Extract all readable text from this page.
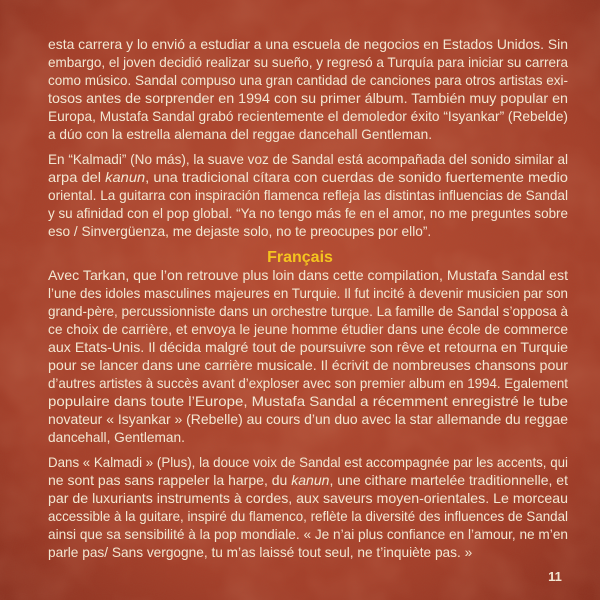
esta carrera y lo envió a estudiar a una escuela de negocios en Estados Unidos. Sin
embargo, el joven decidió realizar su sueño, y regresó a Turquía para iniciar su carrera
como músico. Sandal compuso una gran cantidad de canciones para otros artistas exi-
tosos antes de sorprender en 1994 con su primer álbum. También muy popular en
Europa, Mustafa Sandal grabó recientemente el demoledor éxito “Isyankar” (Rebelde)
a dúo con la estrella alemana del reggae dancehall Gentleman.
En “Kalmadi” (No más), la suave voz de Sandal está acompañada del sonido similar al
arpa del kanun , una tradicional cítara con cuerdas de sonido fuertemente medio
oriental. La guitarra con inspiración flamenca refleja las distintas influencias de Sandal
y su afinidad con el pop global. “Ya no tengo más fe en el amor, no me preguntes sobre
eso / Sinvergüenza, me dejaste solo, no te preocupes por ello”.
Français
Avec Tarkan, que l’on retrouve plus loin dans cette compilation, Mustafa Sandal est
l’une des idoles masculines majeures en Turquie. Il fut incité à devenir musicien par son
grand-père, percussionniste dans un orchestre turque. La famille de Sandal s’opposa à
ce choix de carrière, et envoya le jeune homme étudier dans une école de commerce
aux Etats-Unis. Il décida malgré tout de poursuivre son rêve et retourna en Turquie
pour se lancer dans une carrière musicale. Il écrivit de nombreuses chansons pour
d’autres artistes à succès avant d’exploser avec son premier album en 1994. Egalement
populaire dans toute l’Europe, Mustafa Sandal a récemment enregistré le tube
novateur « Isyankar » (Rebelle) au cours d’un duo avec la star allemande du reggae
dancehall, Gentleman.
Dans « Kalmadi » (Plus), la douce voix de Sandal est accompagnée par les accents, qui
ne sont pas sans rappeler la harpe, du kanun, une cithare martelée traditionnelle, et
par de luxuriants instruments à cordes, aux saveurs moyen-orientales. Le morceau
accessible à la guitare, inspiré du flamenco, reflète la diversité des influences de Sandal
ainsi que sa sensibilité à la pop mondiale. « Je n’ai plus confiance en l’amour, ne m’en
parle pas/ Sans vergogne, tu m’as laissé tout seul, ne t’inquiète pas. »
11
